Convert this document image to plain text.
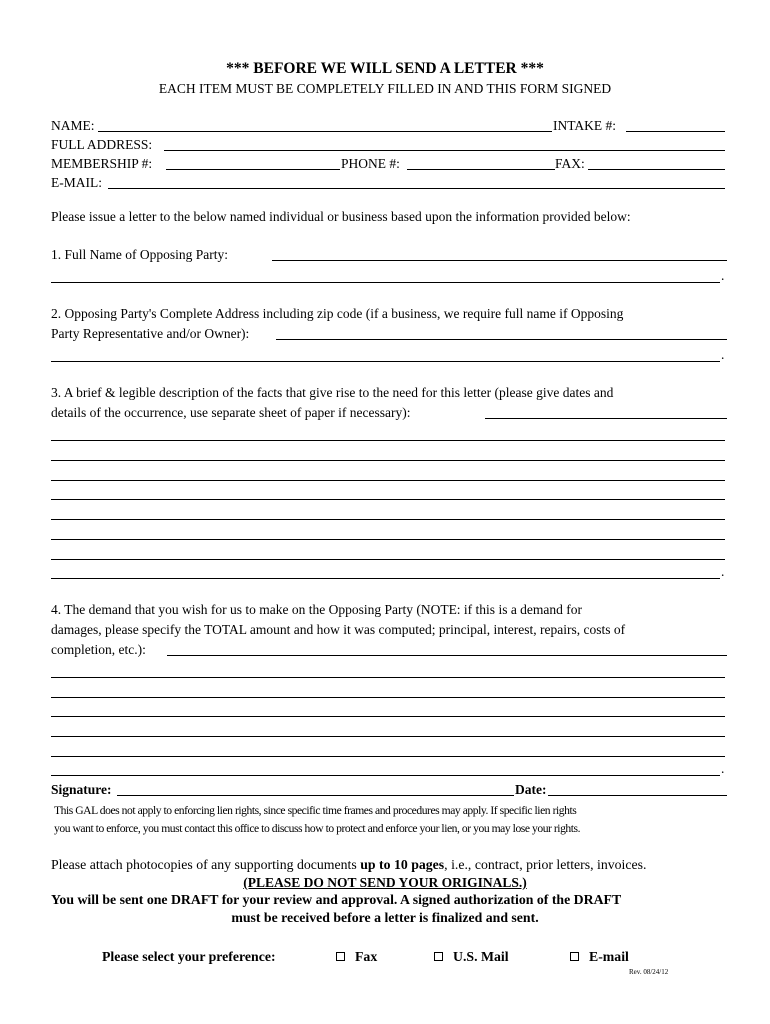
*** BEFORE WE WILL SEND A LETTER ***
EACH ITEM MUST BE COMPLETELY FILLED IN AND THIS FORM SIGNED
NAME:	INTAKE #:
FULL ADDRESS:
MEMBERSHIP #:	PHONE #:	FAX:
E-MAIL:
Please issue a letter to the below named individual or business based upon the information provided below:
1. Full Name of Opposing Party:
.
2. Opposing Party's Complete Address including zip code (if a business, we require full name if Opposing
Party Representative and/or Owner):
.
3. A brief & legible description of the facts that give rise to the need for this letter (please give dates and
details of the occurrence, use separate sheet of paper if necessary):
.
4. The demand that you wish for us to make on the Opposing Party (NOTE: if this is a demand for
damages, please specify the TOTAL amount and how it was computed; principal, interest, repairs, costs of
completion, etc.):
.
Signature:	Date:
This GAL does not apply to enforcing lien rights, since specific time frames and procedures may apply. If specific lien rights
you want to enforce, you must contact this office to discuss how to protect and enforce your lien, or you may lose your rights.
Please attach photocopies of any supporting documents up to 10 pages, i.e., contract, prior letters, invoices.
(PLEASE DO NOT SEND YOUR ORIGINALS.)
You will be sent one DRAFT for your review and approval. A signed authorization of the DRAFT
must be received before a letter is finalized and sent.
Please select your preference:	Fax	U.S. Mail	E-mail
Rev. 08/24/12
